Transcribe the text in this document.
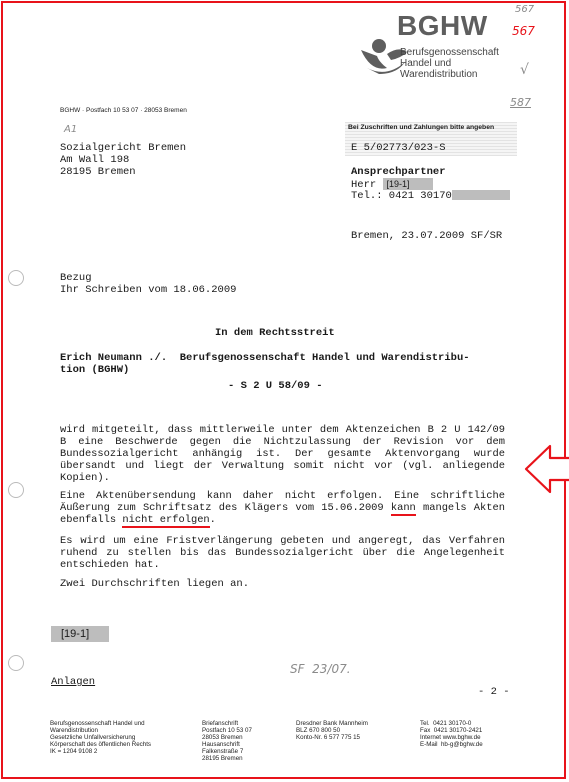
567
567
√
587

BGHW
Berufsgenossenschaft
Handel und
Warendistribution
BGHW · Postfach 10 53 07 · 28053 Bremen
A1
Sozialgericht Bremen
Am Wall 198
28195 Bremen
Bei Zuschriften und Zahlungen bitte angeben
E 5/02773/023-S
Ansprechpartner
Herr [19-1]
Tel.: 0421 30170
Bremen, 23.07.2009 SF/SR
Bezug
Ihr Schreiben vom 18.06.2009
In dem Rechtsstreit
Erich Neumann ./.  Berufsgenossenschaft Handel und Warendistribu-
tion (BGHW)
- S 2 U 58/09 -
wird mitgeteilt, dass mittlerweile unter dem Aktenzeichen B 2 U 142/09 B eine Beschwerde gegen die Nichtzulassung der Revision vor dem Bundessozialgericht anhängig ist. Der gesamte Aktenvorgang wurde übersandt und liegt der Verwaltung somit nicht vor (vgl. anliegende Kopien).

Eine Aktenübersendung kann daher nicht erfolgen. Eine schriftliche Äußerung zum Schriftsatz des Klägers vom 15.06.2009 kann mangels Akten ebenfalls nicht erfolgen.
Es wird um eine Fristverlängerung gebeten und angeregt, das Verfahren ruhend zu stellen bis das Bundessozialgericht über die Angelegenheit entschieden hat.
Zwei Durchschriften liegen an.
[19-1]
SF  23/07.
Anlagen
- 2 -
Berufsgenossenschaft Handel und
Warendistribution
Gesetzliche Unfallversicherung
Körperschaft des öffentlichen Rechts
IK = 1204 9108 2
Briefanschrift
Postfach 10 53 07
28053 Bremen
Hausanschrift
Falkenstraße 7
28195 Bremen
Dresdner Bank Mannheim
BLZ 670 800 50
Konto-Nr. 6 577 775 15
Tel.  0421 30170-0
Fax  0421 30170-2421
Internet www.bghw.de
E-Mail  hb-g@bghw.de
